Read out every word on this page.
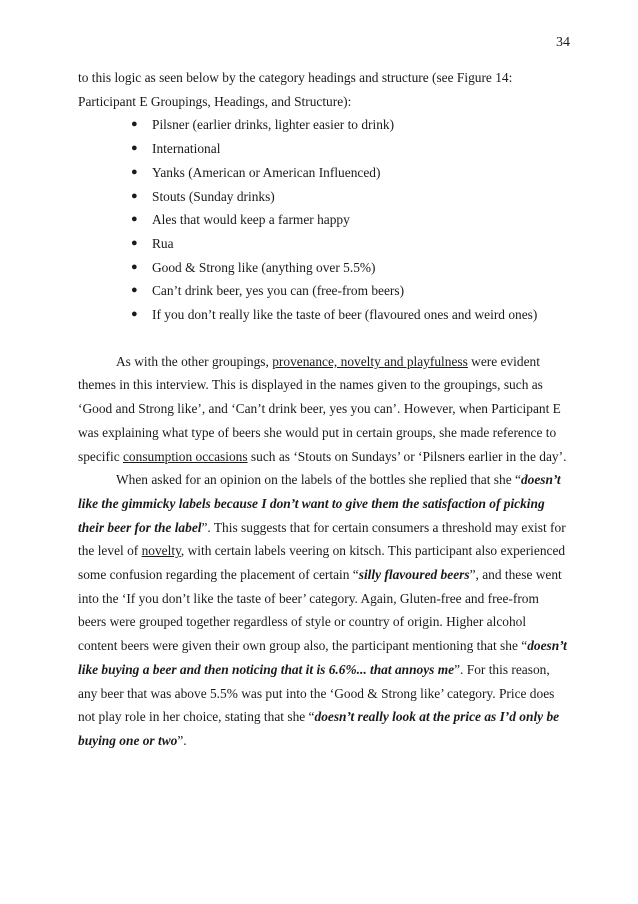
34

to this logic as seen below by the category headings and structure (see Figure 14: Participant E Groupings, Headings, and Structure):

● Pilsner (earlier drinks, lighter easier to drink)
● International
● Yanks (American or American Influenced)
● Stouts (Sunday drinks)
● Ales that would keep a farmer happy
● Rua
● Good & Strong like (anything over 5.5%)
● Can’t drink beer, yes you can (free-from beers)
● If you don’t really like the taste of beer (flavoured ones and weird ones)

As with the other groupings, provenance, novelty and playfulness were evident themes in this interview. This is displayed in the names given to the groupings, such as ‘Good and Strong like’, and ‘Can’t drink beer, yes you can’. However, when Participant E was explaining what type of beers she would put in certain groups, she made reference to specific consumption occasions such as ‘Stouts on Sundays’ or ‘Pilsners earlier in the day’.

When asked for an opinion on the labels of the bottles she replied that she “doesn’t like the gimmicky labels because I don’t want to give them the satisfaction of picking their beer for the label”. This suggests that for certain consumers a threshold may exist for the level of novelty, with certain labels veering on kitsch. This participant also experienced some confusion regarding the placement of certain “silly flavoured beers”, and these went into the ‘If you don’t like the taste of beer’ category. Again, Gluten-free and free-from beers were grouped together regardless of style or country of origin. Higher alcohol content beers were given their own group also, the participant mentioning that she “doesn’t like buying a beer and then noticing that it is 6.6%... that annoys me”. For this reason, any beer that was above 5.5% was put into the ‘Good & Strong like’ category. Price does not play role in her choice, stating that she “doesn’t really look at the price as I’d only be buying one or two”.
